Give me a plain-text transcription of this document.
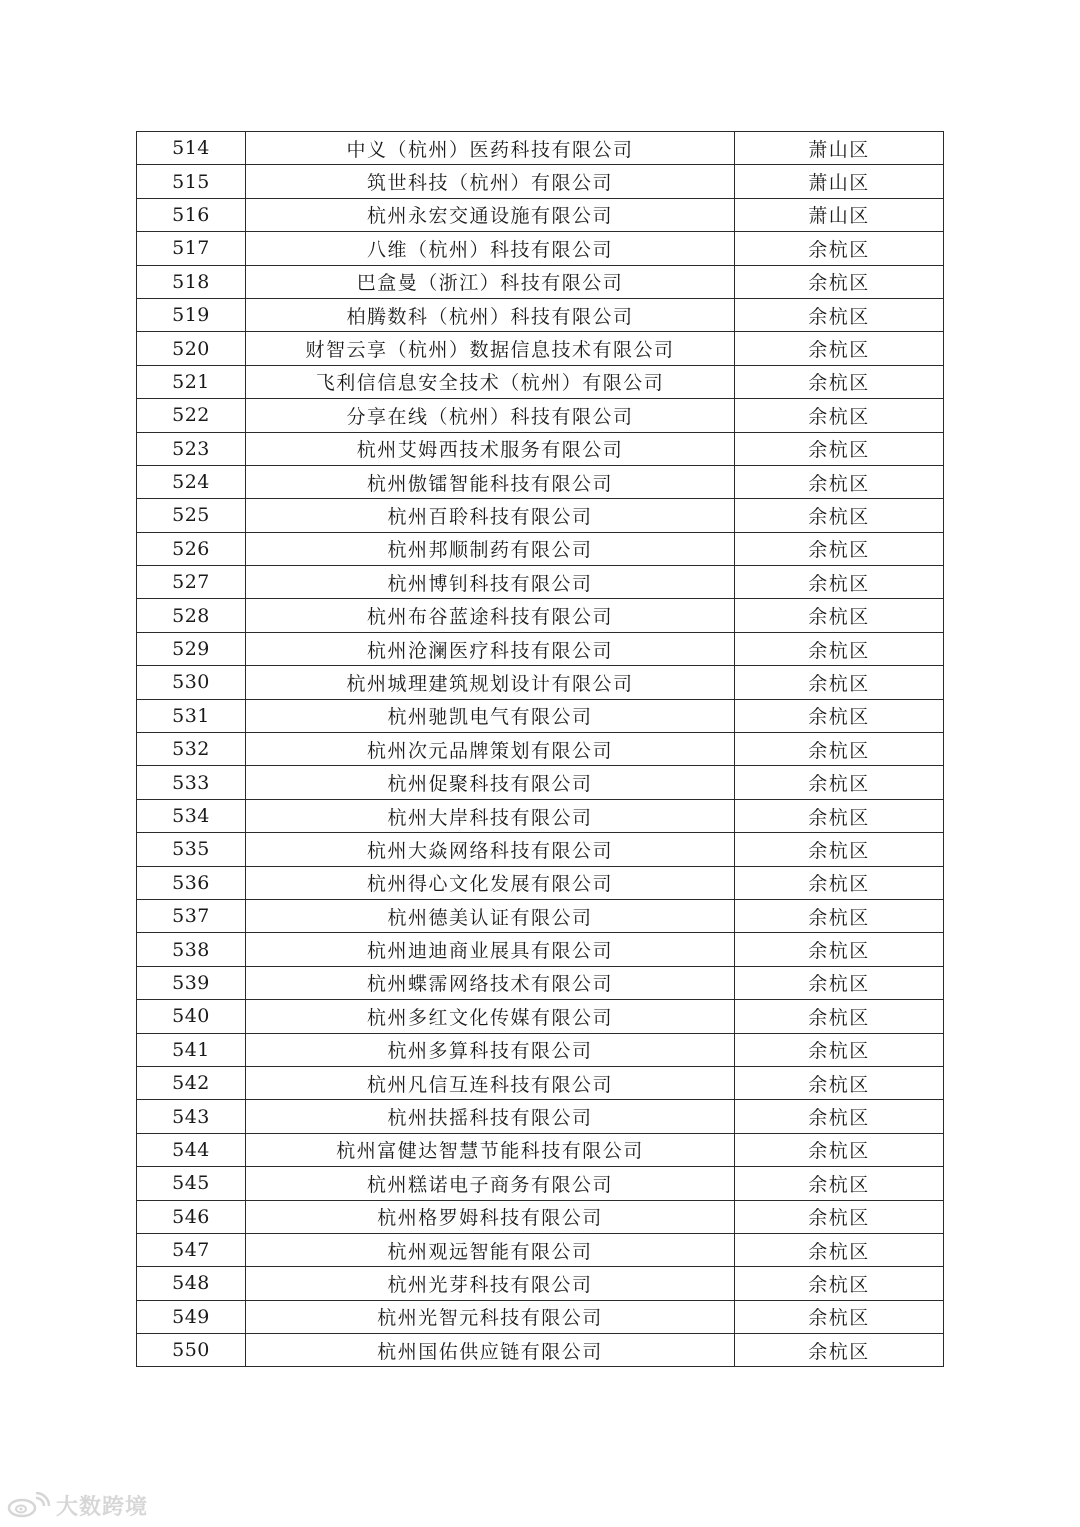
514	中义（杭州）医药科技有限公司	萧山区
515	筑世科技（杭州）有限公司	萧山区
516	杭州永宏交通设施有限公司	萧山区
517	八维（杭州）科技有限公司	余杭区
518	巴盒曼（浙江）科技有限公司	余杭区
519	柏腾数科（杭州）科技有限公司	余杭区
520	财智云享（杭州）数据信息技术有限公司	余杭区
521	飞利信信息安全技术（杭州）有限公司	余杭区
522	分享在线（杭州）科技有限公司	余杭区
523	杭州艾姆西技术服务有限公司	余杭区
524	杭州傲镭智能科技有限公司	余杭区
525	杭州百聆科技有限公司	余杭区
526	杭州邦顺制药有限公司	余杭区
527	杭州博钊科技有限公司	余杭区
528	杭州布谷蓝途科技有限公司	余杭区
529	杭州沧澜医疗科技有限公司	余杭区
530	杭州城理建筑规划设计有限公司	余杭区
531	杭州驰凯电气有限公司	余杭区
532	杭州次元品牌策划有限公司	余杭区
533	杭州促聚科技有限公司	余杭区
534	杭州大岸科技有限公司	余杭区
535	杭州大焱网络科技有限公司	余杭区
536	杭州得心文化发展有限公司	余杭区
537	杭州德美认证有限公司	余杭区
538	杭州迪迪商业展具有限公司	余杭区
539	杭州蝶霈网络技术有限公司	余杭区
540	杭州多红文化传媒有限公司	余杭区
541	杭州多算科技有限公司	余杭区
542	杭州凡信互连科技有限公司	余杭区
543	杭州扶摇科技有限公司	余杭区
544	杭州富健达智慧节能科技有限公司	余杭区
545	杭州糕诺电子商务有限公司	余杭区
546	杭州格罗姆科技有限公司	余杭区
547	杭州观远智能有限公司	余杭区
548	杭州光芽科技有限公司	余杭区
549	杭州光智元科技有限公司	余杭区
550	杭州国佑供应链有限公司	余杭区
大数跨境
